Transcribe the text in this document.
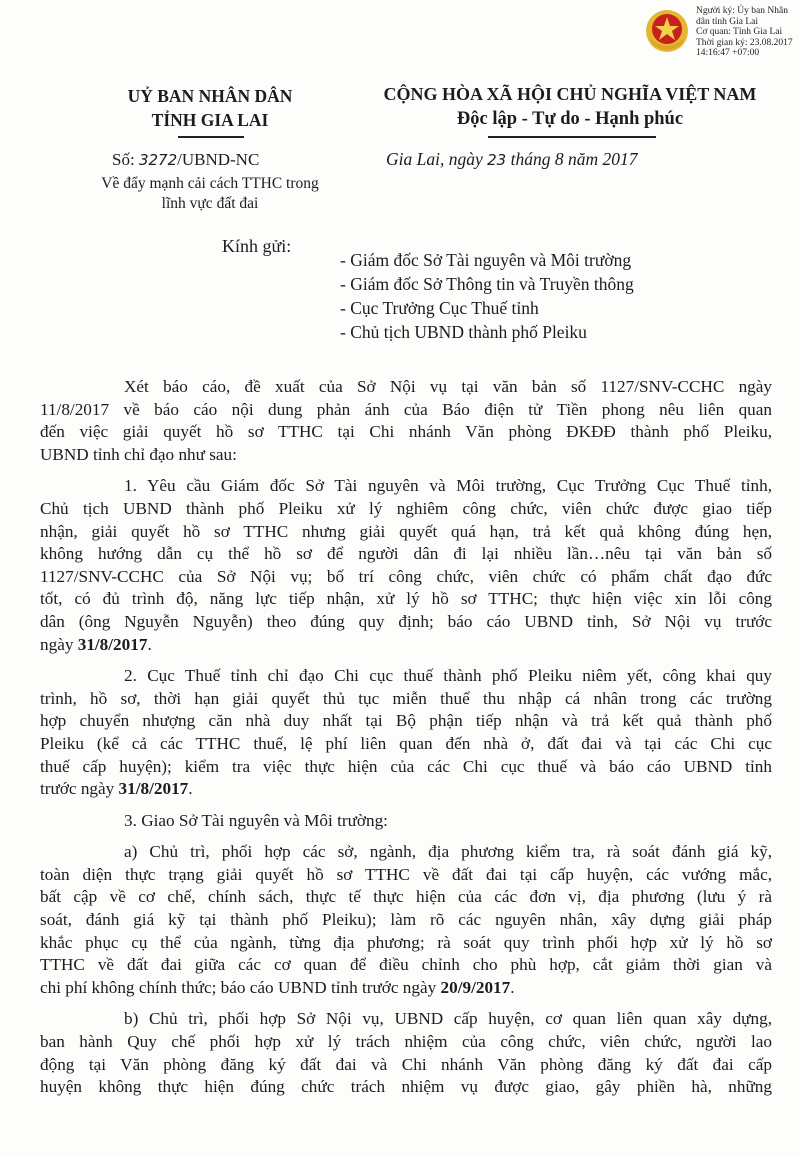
Người ký: Ủy ban Nhân
dân tỉnh Gia Lai
Cơ quan: Tỉnh Gia Lai
Thời gian ký: 23.08.2017
14:16:47 +07:00
UỶ BAN NHÂN DÂN
TỈNH GIA LAI
CỘNG HÒA XÃ HỘI CHỦ NGHĨA VIỆT NAM
Độc lập - Tự do - Hạnh phúc
Số: 3272/UBND-NC
Về đẩy mạnh cải cách TTHC trong
lĩnh vực đất đai
Gia Lai, ngày 23 tháng 8 năm 2017
Kính gửi:
- Giám đốc Sở Tài nguyên và Môi trường
- Giám đốc Sở Thông tin và Truyền thông
- Cục Trưởng Cục Thuế tỉnh
- Chủ tịch UBND thành phố Pleiku
Xét báo cáo, đề xuất của Sở Nội vụ tại văn bản số 1127/SNV-CCHC ngày
11/8/2017 về báo cáo nội dung phản ánh của Báo điện tử Tiền phong nêu liên quan
đến việc giải quyết hồ sơ TTHC tại Chi nhánh Văn phòng ĐKĐĐ thành phố Pleiku,
UBND tỉnh chỉ đạo như sau:
1. Yêu cầu Giám đốc Sở Tài nguyên và Môi trường, Cục Trưởng Cục Thuế tỉnh,
Chủ tịch UBND thành phố Pleiku xử lý nghiêm công chức, viên chức được giao tiếp
nhận, giải quyết hồ sơ TTHC nhưng giải quyết quá hạn, trả kết quả không đúng hẹn,
không hướng dẫn cụ thể hồ sơ để người dân đi lại nhiều lần…nêu tại văn bản số
1127/SNV-CCHC của Sở Nội vụ; bố trí công chức, viên chức có phẩm chất đạo đức
tốt, có đủ trình độ, năng lực tiếp nhận, xử lý hồ sơ TTHC; thực hiện việc xin lỗi công
dân (ông Nguyễn Nguyễn) theo đúng quy định; báo cáo UBND tỉnh, Sở Nội vụ trước
ngày 31/8/2017.
2. Cục Thuế tỉnh chỉ đạo Chi cục thuế thành phố Pleiku niêm yết, công khai quy
trình, hồ sơ, thời hạn giải quyết thủ tục miễn thuế thu nhập cá nhân trong các trường
hợp chuyển nhượng căn nhà duy nhất tại Bộ phận tiếp nhận và trả kết quả thành phố
Pleiku (kể cả các TTHC thuế, lệ phí liên quan đến nhà ở, đất đai và tại các Chi cục
thuế cấp huyện); kiểm tra việc thực hiện của các Chi cục thuế và báo cáo UBND tỉnh
trước ngày 31/8/2017.
3. Giao Sở Tài nguyên và Môi trường:
a) Chủ trì, phối hợp các sở, ngành, địa phương kiểm tra, rà soát đánh giá kỹ,
toàn diện thực trạng giải quyết hồ sơ TTHC về đất đai tại cấp huyện, các vướng mắc,
bất cập về cơ chế, chính sách, thực tế thực hiện của các đơn vị, địa phương (lưu ý rà
soát, đánh giá kỹ tại thành phố Pleiku); làm rõ các nguyên nhân, xây dựng giải pháp
khắc phục cụ thể của ngành, từng địa phương; rà soát quy trình phối hợp xử lý hồ sơ
TTHC về đất đai giữa các cơ quan để điều chỉnh cho phù hợp, cắt giảm thời gian và
chi phí không chính thức; báo cáo UBND tỉnh trước ngày 20/9/2017.
b) Chủ trì, phối hợp Sở Nội vụ, UBND cấp huyện, cơ quan liên quan xây dựng,
ban hành Quy chế phối hợp xử lý trách nhiệm của công chức, viên chức, người lao
động tại Văn phòng đăng ký đất đai và Chi nhánh Văn phòng đăng ký đất đai cấp
huyện không thực hiện đúng chức trách nhiệm vụ được giao, gây phiền hà, những
